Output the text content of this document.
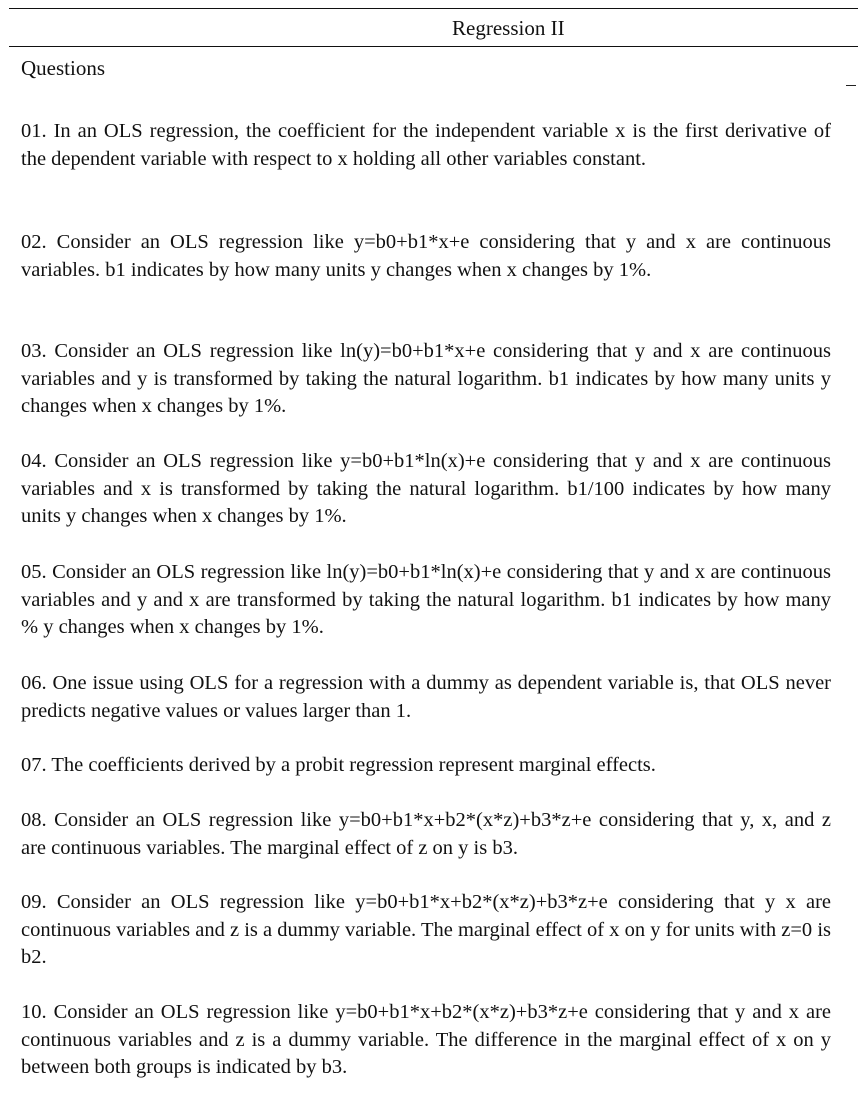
Regression II
Questions
01. In an OLS regression, the coefficient for the independent variable x is the first derivative of the dependent variable with respect to x holding all other variables constant.
02. Consider an OLS regression like y=b0+b1*x+e considering that y and x are continuous variables. b1 indicates by how many units y changes when x changes by 1%.
03. Consider an OLS regression like ln(y)=b0+b1*x+e considering that y and x are continuous variables and y is transformed by taking the natural logarithm. b1 indicates by how many units y changes when x changes by 1%.
04. Consider an OLS regression like y=b0+b1*ln(x)+e considering that y and x are continuous variables and x is transformed by taking the natural logarithm. b1/100 indicates by how many units y changes when x changes by 1%.
05. Consider an OLS regression like ln(y)=b0+b1*ln(x)+e considering that y and x are continuous variables and y and x are transformed by taking the natural logarithm. b1 indicates by how many % y changes when x changes by 1%.
06. One issue using OLS for a regression with a dummy as dependent variable is, that OLS never predicts negative values or values larger than 1.
07. The coefficients derived by a probit regression represent marginal effects.
08. Consider an OLS regression like y=b0+b1*x+b2*(x*z)+b3*z+e considering that y, x, and z are continuous variables. The marginal effect of z on y is b3.
09. Consider an OLS regression like y=b0+b1*x+b2*(x*z)+b3*z+e considering that y x are continuous variables and z is a dummy variable. The marginal effect of x on y for units with z=0 is b2.
10. Consider an OLS regression like y=b0+b1*x+b2*(x*z)+b3*z+e considering that y and x are continuous variables and z is a dummy variable. The difference in the marginal effect of x on y between both groups is indicated by b3.
